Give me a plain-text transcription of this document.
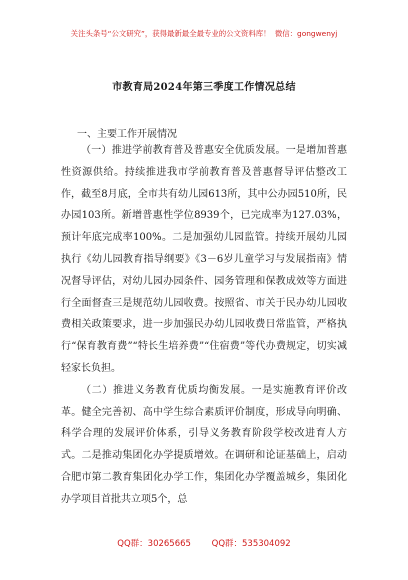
关注头条号“公文研究”，获得最新最全最专业的公文资料库！ 微信：gongwenyj
市教育局2024年第三季度工作情况总结
一、主要工作开展情况

（一）推进学前教育普及普惠安全优质发展。一是增加普惠性资源供给。持续推进我市学前教育普及普惠督导评估整改工作，截至8月底，全市共有幼儿园613所，其中公办园510所，民办园103所。新增普惠性学位8939个，已完成率为127.03%，预计年底完成率100%。二是加强幼儿园监管。持续开展幼儿园执行《幼儿园教育指导纲要》《3－6岁儿童学习与发展指南》情况督导评估，对幼儿园办园条件、园务管理和保教成效等方面进行全面督查三是规范幼儿园收费。按照省、市关于民办幼儿园收费相关政策要求，进一步加强民办幼儿园收费日常监管，严格执行“保育教育费”“特长生培养费”“住宿费”等代办费规定，切实减轻家长负担。

（二）推进义务教育优质均衡发展。一是实施教育评价改革。健全完善初、高中学生综合素质评价制度，形成导向明确、科学合理的发展评价体系，引导义务教育阶段学校改进育人方式。二是推动集团化办学提质增效。在调研和论证基础上，启动合肥市第二教育集团化办学工作，集团化办学覆盖城乡，集团化办学项目首批共立项5个，总

QQ群：30265665 QQ群：535304092
